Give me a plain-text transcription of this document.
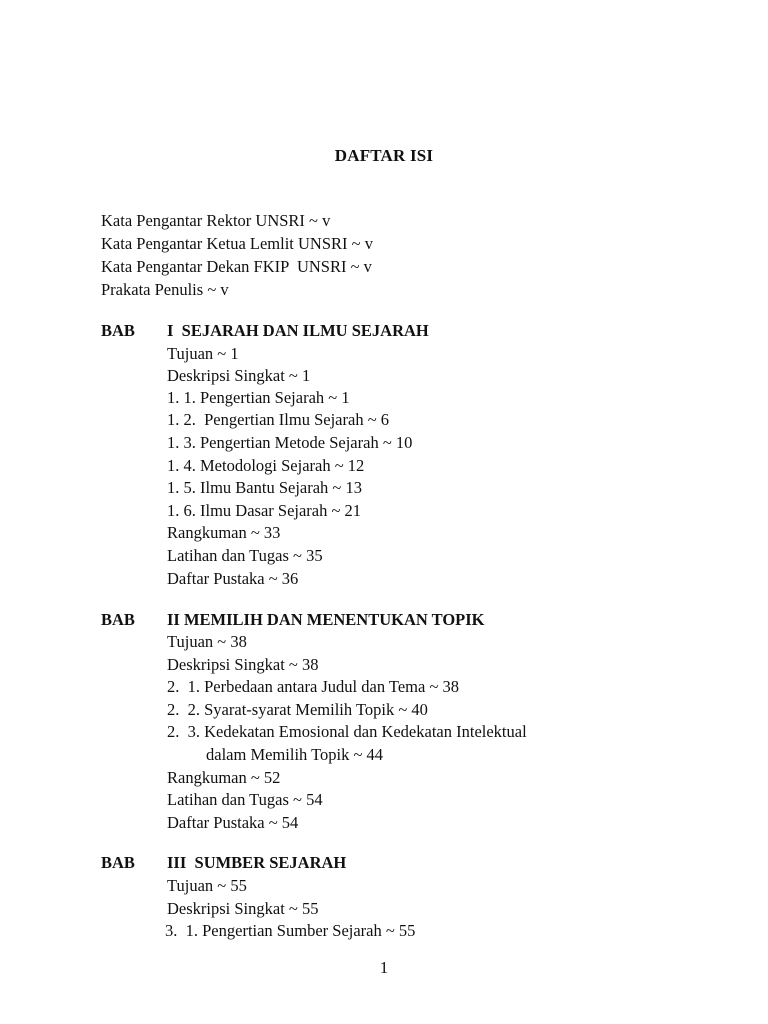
DAFTAR ISI
Kata Pengantar Rektor UNSRI ~ v
Kata Pengantar Ketua Lemlit UNSRI ~ v
Kata Pengantar Dekan FKIP  UNSRI ~ v
Prakata Penulis ~ v
BAB I  SEJARAH DAN ILMU SEJARAH
Tujuan ~ 1
Deskripsi Singkat ~ 1
1. 1. Pengertian Sejarah ~ 1
1. 2.  Pengertian Ilmu Sejarah ~ 6
1. 3. Pengertian Metode Sejarah ~ 10
1. 4. Metodologi Sejarah ~ 12
1. 5. Ilmu Bantu Sejarah ~ 13
1. 6. Ilmu Dasar Sejarah ~ 21
Rangkuman ~ 33
Latihan dan Tugas ~ 35
Daftar Pustaka ~ 36
BAB II MEMILIH DAN MENENTUKAN TOPIK
Tujuan ~ 38
Deskripsi Singkat ~ 38
2.  1. Perbedaan antara Judul dan Tema ~ 38
2.  2. Syarat-syarat Memilih Topik ~ 40
2.  3. Kedekatan Emosional dan Kedekatan Intelektual
dalam Memilih Topik ~ 44
Rangkuman ~ 52
Latihan dan Tugas ~ 54
Daftar Pustaka ~ 54
BAB III  SUMBER SEJARAH
Tujuan ~ 55
Deskripsi Singkat ~ 55
3.  1. Pengertian Sumber Sejarah ~ 55
1
